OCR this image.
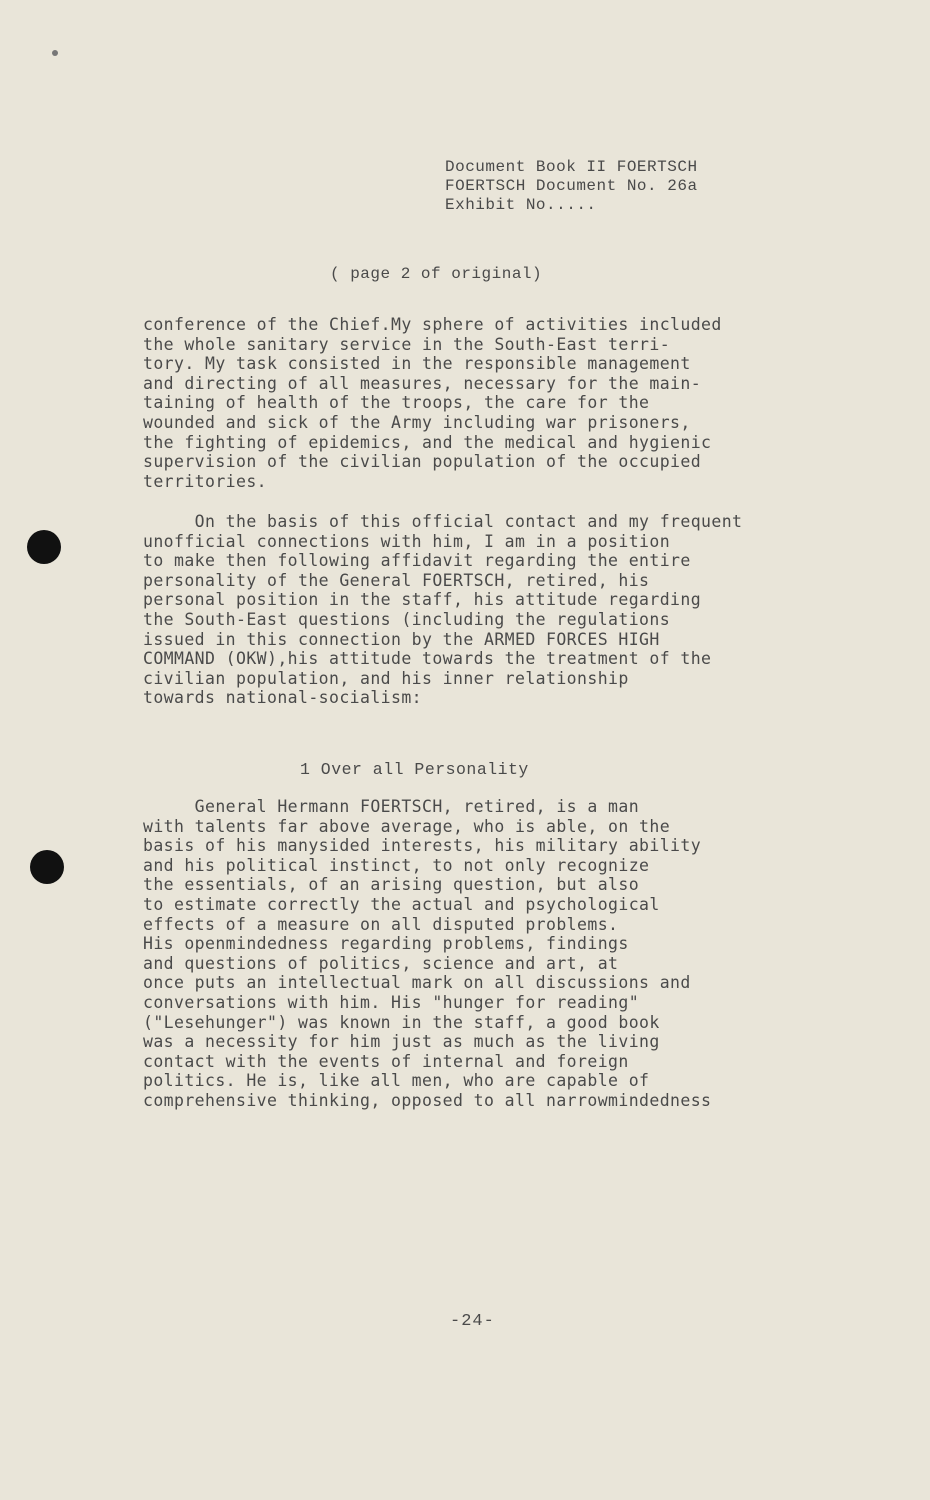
Document Book II FOERTSCH
FOERTSCH Document No. 26a
Exhibit No.....
( page 2 of original)
conference of the Chief.My sphere of activities included
the whole sanitary service in the South-East terri-
tory. My task consisted in the responsible management
and directing of all measures, necessary for the main-
taining of health of the troops, the care for the
wounded and sick of the Army including war prisoners,
the fighting of epidemics, and the medical and hygienic
supervision of the civilian population of the occupied
territories.
On the basis of this official contact and my frequent
unofficial connections with him, I am in a position
to make then following affidavit regarding the entire
personality of the General FOERTSCH, retired, his
personal position in the staff, his attitude regarding
the South-East questions (including the regulations
issued in this connection by the ARMED FORCES HIGH
COMMAND (OKW),his attitude towards the treatment of the
civilian population, and his inner relationship
towards national-socialism:
1 Over all Personality
General Hermann FOERTSCH, retired, is a man
with talents far above average, who is able, on the
basis of his manysided interests, his military ability
and his political instinct, to not only recognize
the essentials, of an arising question, but also
to estimate correctly the actual and psychological
effects of a measure on all disputed problems.
His openmindedness regarding problems, findings
and questions of politics, science and art, at
once puts an intellectual mark on all discussions and
conversations with him. His "hunger for reading"
("Lesehunger") was known in the staff, a good book
was a necessity for him just as much as the living
contact with the events of internal and foreign
politics. He is, like all men, who are capable of
comprehensive thinking, opposed to all narrowmindedness
-24-
